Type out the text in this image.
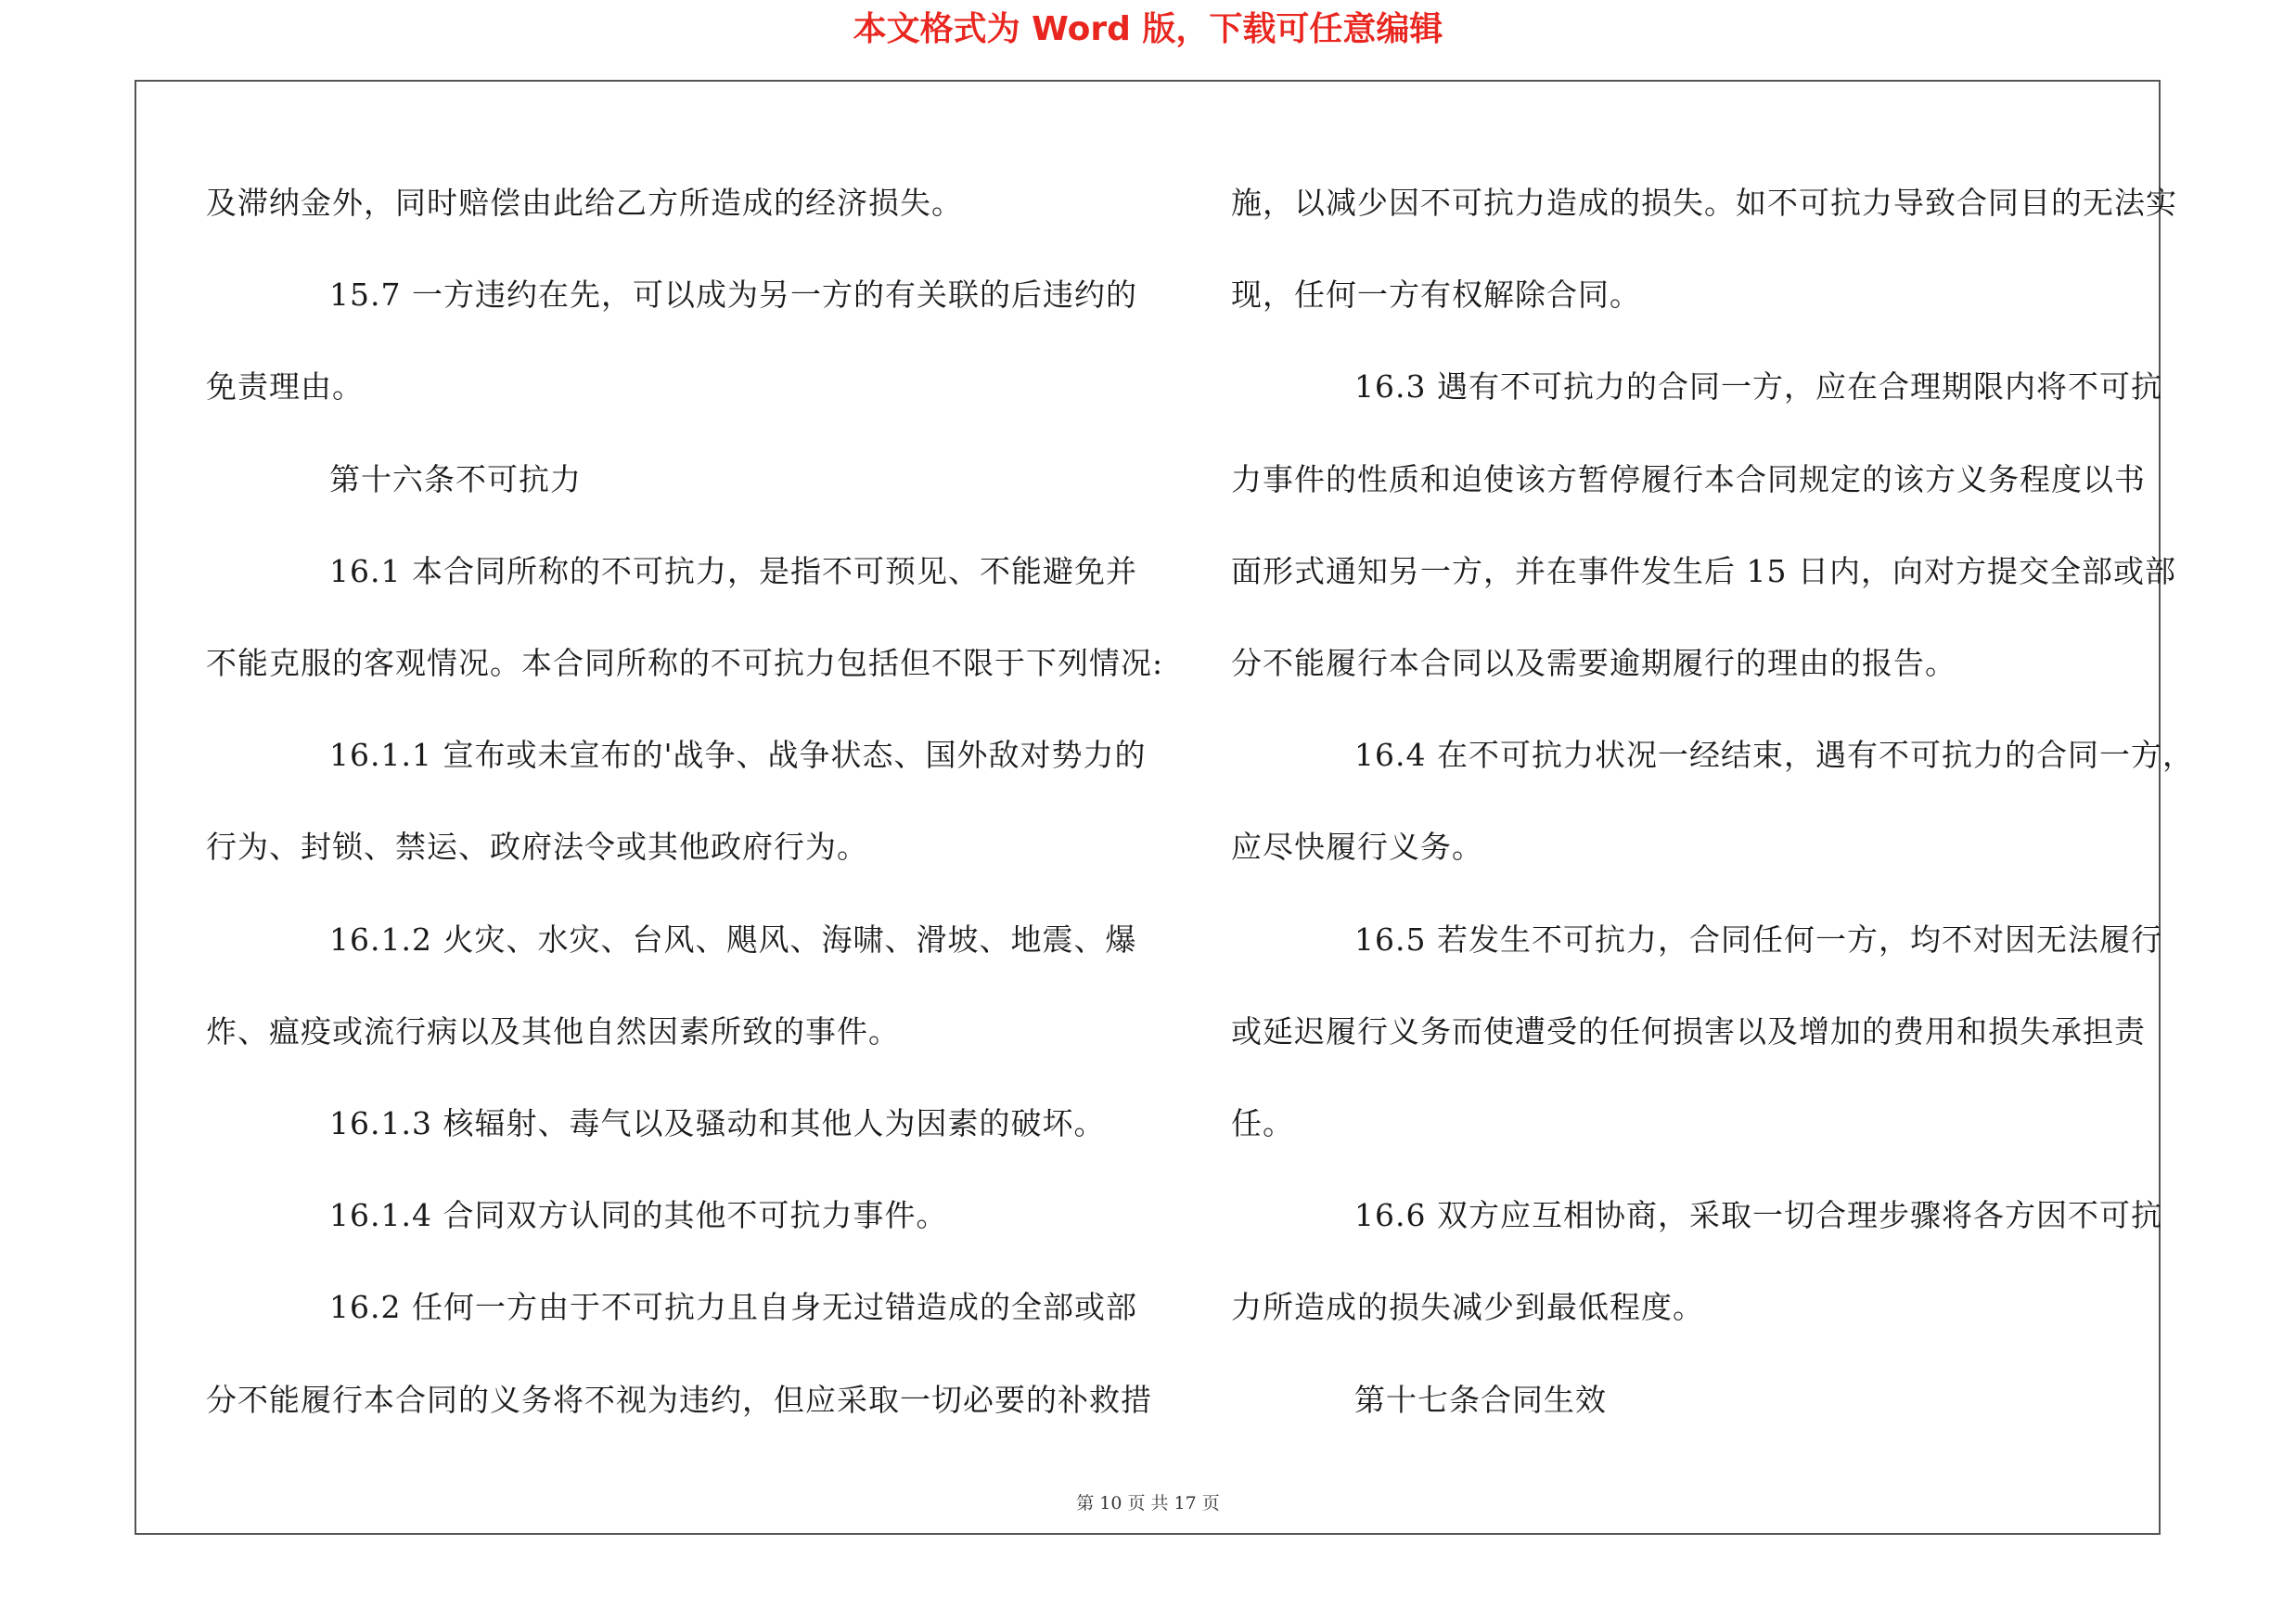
本文格式为 Word 版，下载可任意编辑
及滞纳金外，同时赔偿由此给乙方所造成的经济损失。
15.7 一方违约在先，可以成为另一方的有关联的后违约的
免责理由。
第十六条不可抗力
16.1 本合同所称的不可抗力，是指不可预见、不能避免并
不能克服的客观情况。本合同所称的不可抗力包括但不限于下列情况:
16.1.1 宣布或未宣布的'战争、战争状态、国外敌对势力的
行为、封锁、禁运、政府法令或其他政府行为。
16.1.2 火灾、水灾、台风、飓风、海啸、滑坡、地震、爆
炸、瘟疫或流行病以及其他自然因素所致的事件。
16.1.3 核辐射、毒气以及骚动和其他人为因素的破坏。
16.1.4 合同双方认同的其他不可抗力事件。
16.2 任何一方由于不可抗力且自身无过错造成的全部或部
分不能履行本合同的义务将不视为违约，但应采取一切必要的补救措
施，以减少因不可抗力造成的损失。如不可抗力导致合同目的无法实
现，任何一方有权解除合同。
16.3 遇有不可抗力的合同一方，应在合理期限内将不可抗
力事件的性质和迫使该方暂停履行本合同规定的该方义务程度以书
面形式通知另一方，并在事件发生后 15 日内，向对方提交全部或部
分不能履行本合同以及需要逾期履行的理由的报告。
16.4 在不可抗力状况一经结束，遇有不可抗力的合同一方，
应尽快履行义务。
16.5 若发生不可抗力，合同任何一方，均不对因无法履行
或延迟履行义务而使遭受的任何损害以及增加的费用和损失承担责
任。
16.6 双方应互相协商，采取一切合理步骤将各方因不可抗
力所造成的损失减少到最低程度。
第十七条合同生效
第 10 页 共 17 页
